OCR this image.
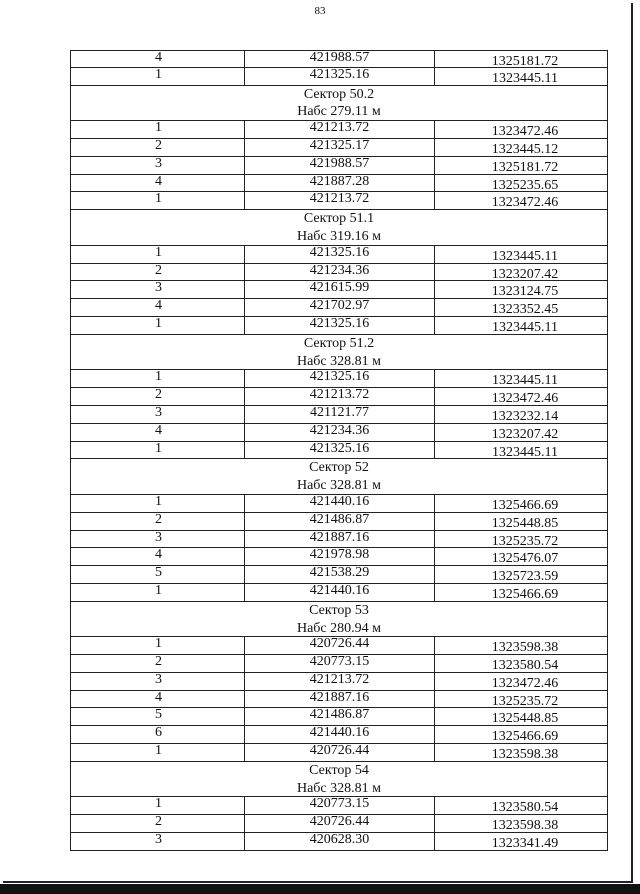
83
4	421988.57	1325181.72
1	421325.16	1323445.11
Сектор 50.2
Набс 279.11 м
1	421213.72	1323472.46
2	421325.17	1323445.12
3	421988.57	1325181.72
4	421887.28	1325235.65
1	421213.72	1323472.46
Сектор 51.1
Набс 319.16 м
1	421325.16	1323445.11
2	421234.36	1323207.42
3	421615.99	1323124.75
4	421702.97	1323352.45
1	421325.16	1323445.11
Сектор 51.2
Набс 328.81 м
1	421325.16	1323445.11
2	421213.72	1323472.46
3	421121.77	1323232.14
4	421234.36	1323207.42
1	421325.16	1323445.11
Сектор 52
Набс 328.81 м
1	421440.16	1325466.69
2	421486.87	1325448.85
3	421887.16	1325235.72
4	421978.98	1325476.07
5	421538.29	1325723.59
1	421440.16	1325466.69
Сектор 53
Набс 280.94 м
1	420726.44	1323598.38
2	420773.15	1323580.54
3	421213.72	1323472.46
4	421887.16	1325235.72
5	421486.87	1325448.85
6	421440.16	1325466.69
1	420726.44	1323598.38
Сектор 54
Набс 328.81 м
1	420773.15	1323580.54
2	420726.44	1323598.38
3	420628.30	1323341.49
